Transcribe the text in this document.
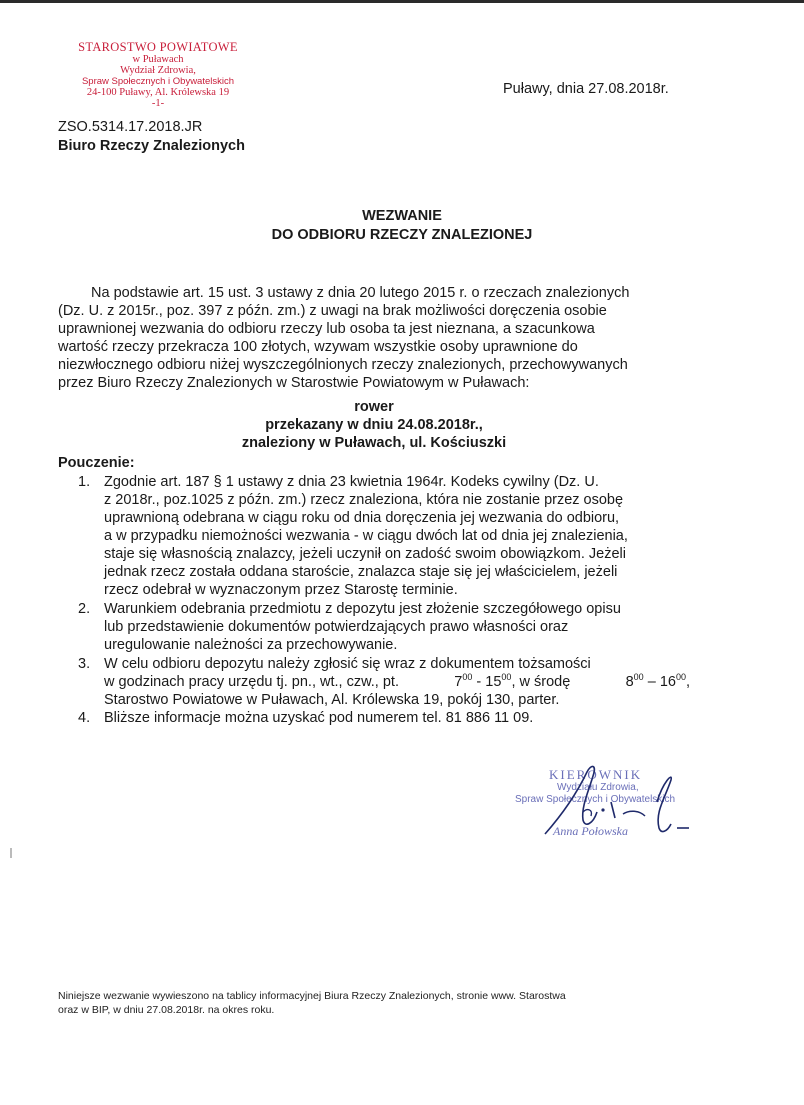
STAROSTWO POWIATOWE
w Puławach
Wydział Zdrowia,
Spraw Społecznych i Obywatelskich
24-100 Puławy, Al. Królewska 19
-1-
Puławy, dnia 27.08.2018r.
ZSO.5314.17.2018.JR
Biuro Rzeczy Znalezionych
WEZWANIE
DO ODBIORU RZECZY ZNALEZIONEJ
Na podstawie art. 15 ust. 3 ustawy z dnia 20 lutego 2015 r. o rzeczach znalezionych
(Dz. U. z 2015r., poz. 397 z późn. zm.) z uwagi na brak możliwości doręczenia osobie
uprawnionej wezwania do odbioru rzeczy lub osoba ta jest nieznana, a szacunkowa
wartość rzeczy przekracza 100 złotych, wzywam wszystkie osoby uprawnione do
niezwłocznego odbioru niżej wyszczególnionych rzeczy znalezionych, przechowywanych
przez Biuro Rzeczy Znalezionych w Starostwie Powiatowym w Puławach:
rower
przekazany w dniu 24.08.2018r.,
znaleziony w Puławach, ul. Kościuszki
Pouczenie:
1. Zgodnie art. 187 § 1 ustawy z dnia 23 kwietnia 1964r. Kodeks cywilny (Dz. U.
z 2018r., poz.1025 z późn. zm.) rzecz znaleziona, która nie zostanie przez osobę
uprawnioną odebrana w ciągu roku od dnia doręczenia jej wezwania do odbioru,
a w przypadku niemożności wezwania - w ciągu dwóch lat od dnia jej znalezienia,
staje się własnością znalazcy, jeżeli uczynił on zadość swoim obowiązkom. Jeżeli
jednak rzecz została oddana staroście, znalazca staje się jej właścicielem, jeżeli
rzecz odebrał w wyznaczonym przez Starostę terminie.
2. Warunkiem odebrania przedmiotu z depozytu jest złożenie szczegółowego opisu
lub przedstawienie dokumentów potwierdzających prawo własności oraz
uregulowanie należności za przechowywanie.
3. W celu odbioru depozytu należy zgłosić się wraz z dokumentem tożsamości
w godzinach pracy urzędu tj. pn., wt., czw., pt.	$7^{00} - 15^{00}$, w środę	$8^{00} - 16^{00}$,
Starostwo Powiatowe w Puławach, Al. Królewska 19, pokój 130, parter.
4. Bliższe informacje można uzyskać pod numerem tel. 81 886 11 09.
KIEROWNIK
Wydziału Zdrowia,
Spraw Społecznych i Obywatelskich
Anna Połowska
Niniejsze wezwanie wywieszono na tablicy informacyjnej Biura Rzeczy Znalezionych, stronie www. Starostwa
oraz w BIP, w dniu 27.08.2018r. na okres roku.
